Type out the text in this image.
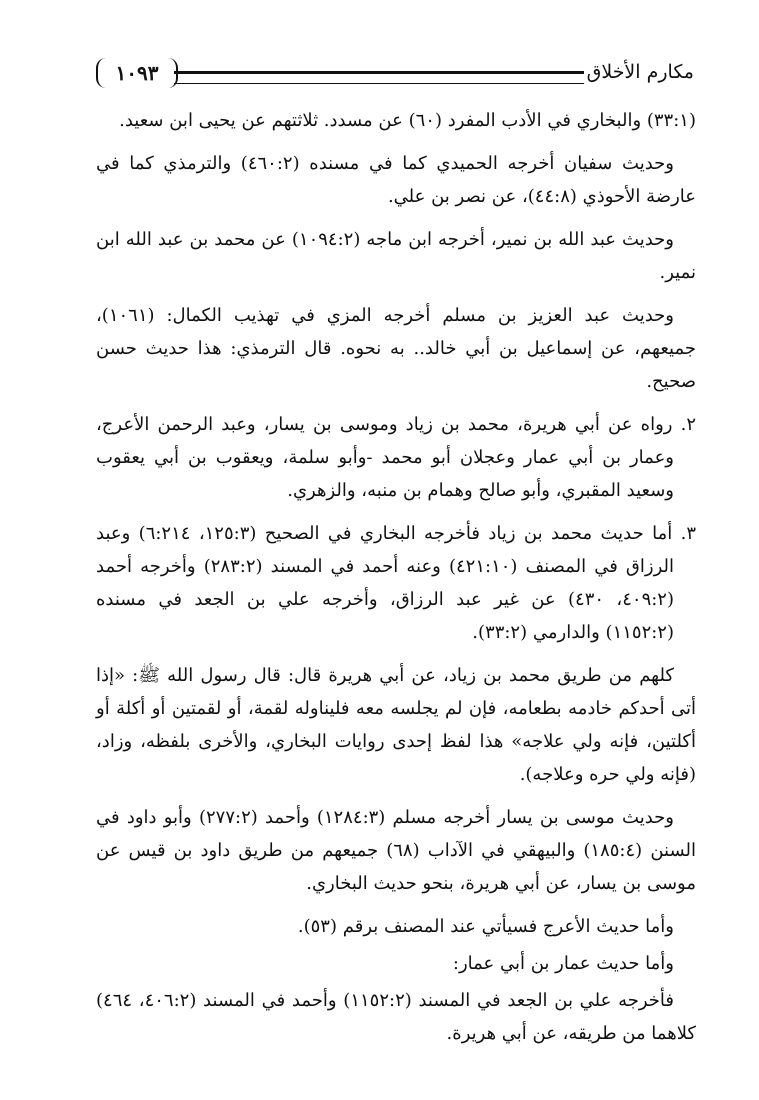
مكارم الأخلاق
١٠٩٣

(٣٣:١) والبخاري في الأدب المفرد (٦٠) عن مسدد. ثلاثتهم عن يحيى ابن سعيد.

وحديث سفيان أخرجه الحميدي كما في مسنده (٤٦٠:٢) والترمذي كما في عارضة الأحوذي (٤٤:٨)، عن نصر بن علي.

وحديث عبد الله بن نمير، أخرجه ابن ماجه (١٠٩٤:٢) عن محمد بن عبد الله ابن نمير.

وحديث عبد العزيز بن مسلم أخرجه المزي في تهذيب الكمال: (١٠٦١)، جميعهم، عن إسماعيل بن أبي خالد.. به نحوه. قال الترمذي: هذا حديث حسن صحيح.

٢. رواه عن أبي هريرة، محمد بن زياد وموسى بن يسار، وعبد الرحمن الأعرج، وعمار بن أبي عمار وعجلان أبو محمد -وأبو سلمة، ويعقوب بن أبي يعقوب وسعيد المقبري، وأبو صالح وهمام بن منبه، والزهري.

٣. أما حديث محمد بن زياد فأخرجه البخاري في الصحيح (١٢٥:٣، ٦:٢١٤) وعبد الرزاق في المصنف (٤٢١:١٠) وعنه أحمد في المسند (٢٨٣:٢) وأخرجه أحمد (٤٠٩:٢، ٤٣٠) عن غير عبد الرزاق، وأخرجه علي بن الجعد في مسنده (١١٥٢:٢) والدارمي (٣٣:٢).

كلهم من طريق محمد بن زياد، عن أبي هريرة قال: قال رسول الله ﷺ: «إذا أتى أحدكم خادمه بطعامه، فإن لم يجلسه معه فليناوله لقمة، أو لقمتين أو أكلة أو أكلتين، فإنه ولي علاجه» هذا لفظ إحدى روايات البخاري، والأخرى بلفظه، وزاد، (فإنه ولي حره وعلاجه).

وحديث موسى بن يسار أخرجه مسلم (١٢٨٤:٣) وأحمد (٢٧٧:٢) وأبو داود في السنن (١٨٥:٤) والبيهقي في الآداب (٦٨) جميعهم من طريق داود بن قيس عن موسى بن يسار، عن أبي هريرة، بنحو حديث البخاري.

وأما حديث الأعرج فسيأتي عند المصنف برقم (٥٣).

وأما حديث عمار بن أبي عمار:

فأخرجه علي بن الجعد في المسند (١١٥٢:٢) وأحمد في المسند (٤٠٦:٢، ٤٦٤) كلاهما من طريقه، عن أبي هريرة.
